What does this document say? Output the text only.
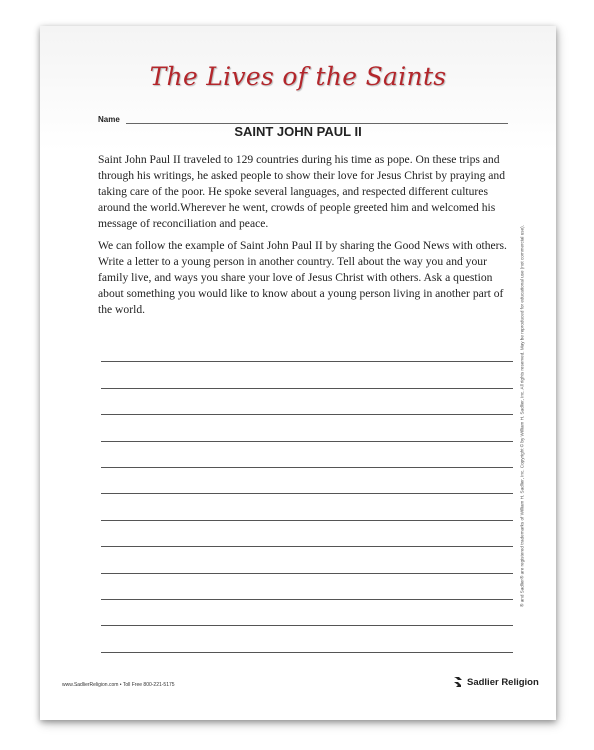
The Lives of the Saints
Name
SAINT JOHN PAUL II

Saint John Paul II traveled to 129 countries during his time as pope. On these trips and through his writings, he asked people to show their love for Jesus Christ by praying and taking care of the poor. He spoke several languages, and respected different cultures around the world.Wherever he went, crowds of people greeted him and welcomed his message of reconciliation and peace.

We can follow the example of Saint John Paul II by sharing the Good News with others. Write a letter to a young person in another country. Tell about the way you and your family live, and ways you share your love of Jesus Christ with others. Ask a question about something you would like to know about a young person living in another part of the world.	® and Sadlier® are registered trademarks of William H. Sadlier, Inc. Copyright © by William H. Sadlier, Inc. All rights reserved. May be reproduced for educational use (not commercial use).
www.SadlierReligion.com • Toll Free 800-221-5175	Sadlier Religion
